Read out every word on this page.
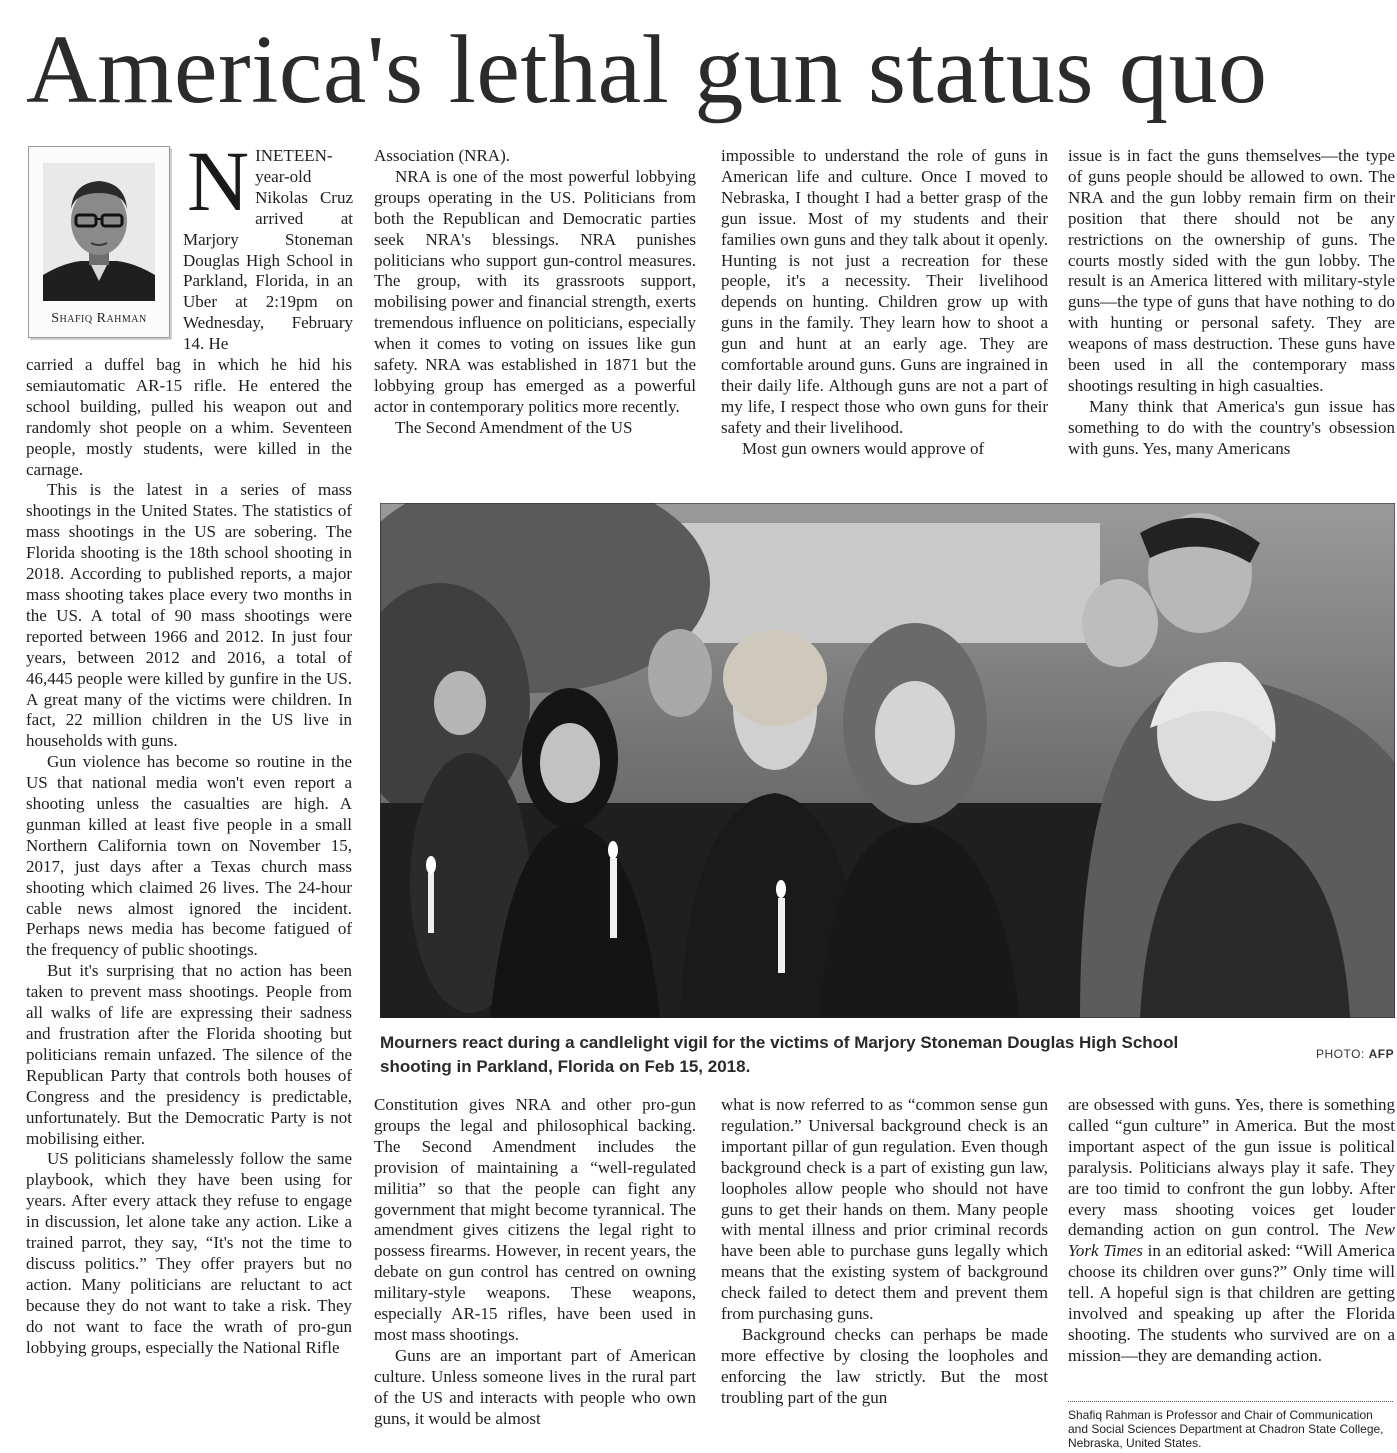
America's lethal gun status quo
Shafiq Rahman
N INETEEN-year-old Nikolas Cruz arrived at Marjory Stoneman Douglas High School in Parkland, Florida, in an Uber at 2:19pm on Wednesday, February 14. He

carried a duffel bag in which he hid his semiautomatic AR-15 rifle. He entered the school building, pulled his weapon out and randomly shot people on a whim. Seventeen people, mostly students, were killed in the carnage.

This is the latest in a series of mass shootings in the United States. The statistics of mass shootings in the US are sobering. The Florida shooting is the 18th school shooting in 2018. According to published reports, a major mass shooting takes place every two months in the US. A total of 90 mass shootings were reported between 1966 and 2012. In just four years, between 2012 and 2016, a total of 46,445 people were killed by gunfire in the US. A great many of the victims were children. In fact, 22 million children in the US live in households with guns.

Gun violence has become so routine in the US that national media won't even report a shooting unless the casualties are high. A gunman killed at least five people in a small Northern California town on November 15, 2017, just days after a Texas church mass shooting which claimed 26 lives. The 24-hour cable news almost ignored the incident. Perhaps news media has become fatigued of the frequency of public shootings.

But it's surprising that no action has been taken to prevent mass shootings. People from all walks of life are expressing their sadness and frustration after the Florida shooting but politicians remain unfazed. The silence of the Republican Party that controls both houses of Congress and the presidency is predictable, unfortunately. But the Democratic Party is not mobilising either.

US politicians shamelessly follow the same playbook, which they have been using for years. After every attack they refuse to engage in discussion, let alone take any action. Like a trained parrot, they say, “It's not the time to discuss politics.” They offer prayers but no action. Many politicians are reluctant to act because they do not want to take a risk. They do not want to face the wrath of pro-gun lobbying groups, especially the National Rifle

Association (NRA).

NRA is one of the most powerful lobbying groups operating in the US. Politicians from both the Republican and Democratic parties seek NRA's blessings. NRA punishes politicians who support gun-control measures. The group, with its grassroots support, mobilising power and financial strength, exerts tremendous influence on politicians, especially when it comes to voting on issues like gun safety. NRA was established in 1871 but the lobbying group has emerged as a powerful actor in contemporary politics more recently.

The Second Amendment of the US

impossible to understand the role of guns in American life and culture. Once I moved to Nebraska, I thought I had a better grasp of the gun issue. Most of my students and their families own guns and they talk about it openly. Hunting is not just a recreation for these people, it's a necessity. Their livelihood depends on hunting. Children grow up with guns in the family. They learn how to shoot a gun and hunt at an early age. They are comfortable around guns. Guns are ingrained in their daily life. Although guns are not a part of my life, I respect those who own guns for their safety and their livelihood.

Most gun owners would approve of

issue is in fact the guns themselves—the type of guns people should be allowed to own. The NRA and the gun lobby remain firm on their position that there should not be any restrictions on the ownership of guns. The courts mostly sided with the gun lobby. The result is an America littered with military-style guns—the type of guns that have nothing to do with hunting or personal safety. They are weapons of mass destruction. These guns have been used in all the contemporary mass shootings resulting in high casualties.

Many think that America's gun issue has something to do with the country's obsession with guns. Yes, many Americans

Mourners react during a candlelight vigil for the victims of Marjory Stoneman Douglas High School shooting in Parkland, Florida on Feb 15, 2018.
PHOTO: AFP

Constitution gives NRA and other pro-gun groups the legal and philosophical backing. The Second Amendment includes the provision of maintaining a “well-regulated militia” so that the people can fight any government that might become tyrannical. The amendment gives citizens the legal right to possess firearms. However, in recent years, the debate on gun control has centred on owning military-style weapons. These weapons, especially AR-15 rifles, have been used in most mass shootings.

Guns are an important part of American culture. Unless someone lives in the rural part of the US and interacts with people who own guns, it would be almost

what is now referred to as “common sense gun regulation.” Universal background check is an important pillar of gun regulation. Even though background check is a part of existing gun law, loopholes allow people who should not have guns to get their hands on them. Many people with mental illness and prior criminal records have been able to purchase guns legally which means that the existing system of background check failed to detect them and prevent them from purchasing guns.

Background checks can perhaps be made more effective by closing the loopholes and enforcing the law strictly. But the most troubling part of the gun

are obsessed with guns. Yes, there is something called “gun culture” in America. But the most important aspect of the gun issue is political paralysis. Politicians always play it safe. They are too timid to confront the gun lobby. After every mass shooting voices get louder demanding action on gun control. The New York Times in an editorial asked: “Will America choose its children over guns?” Only time will tell. A hopeful sign is that children are getting involved and speaking up after the Florida shooting. The students who survived are on a mission—they are demanding action.

Shafiq Rahman is Professor and Chair of Communication and Social Sciences Department at Chadron State College, Nebraska, United States.
